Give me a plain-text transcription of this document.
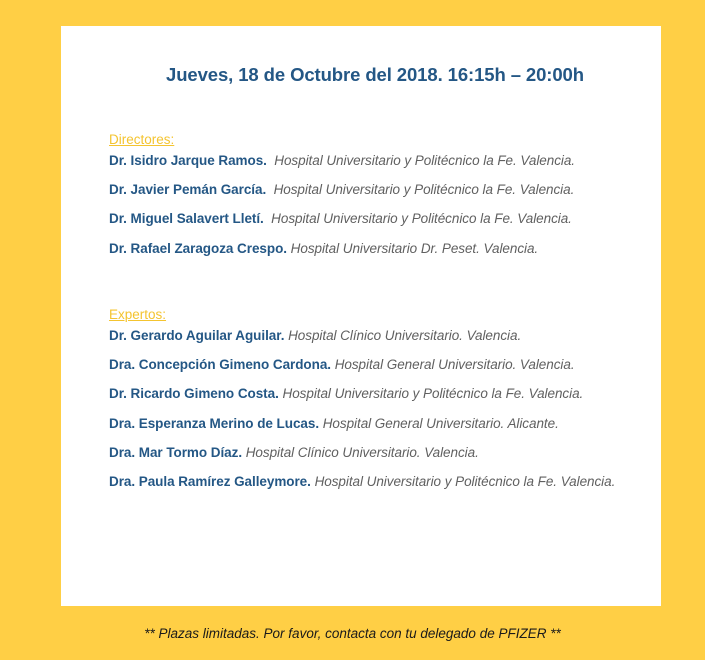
Jueves, 18 de Octubre del 2018. 16:15h – 20:00h
Directores:
Dr. Isidro Jarque Ramos. Hospital Universitario y Politécnico la Fe. Valencia.
Dr. Javier Pemán García. Hospital Universitario y Politécnico la Fe. Valencia.
Dr. Miguel Salavert Lletí. Hospital Universitario y Politécnico la Fe. Valencia.
Dr. Rafael Zaragoza Crespo. Hospital Universitario Dr. Peset. Valencia.
Expertos:
Dr. Gerardo Aguilar Aguilar. Hospital Clínico Universitario. Valencia.
Dra. Concepción Gimeno Cardona. Hospital General Universitario. Valencia.
Dr. Ricardo Gimeno Costa. Hospital Universitario y Politécnico la Fe. Valencia.
Dra. Esperanza Merino de Lucas. Hospital General Universitario. Alicante.
Dra. Mar Tormo Díaz. Hospital Clínico Universitario. Valencia.
Dra. Paula Ramírez Galleymore. Hospital Universitario y Politécnico la Fe. Valencia.
** Plazas limitadas. Por favor, contacta con tu delegado de PFIZER **
